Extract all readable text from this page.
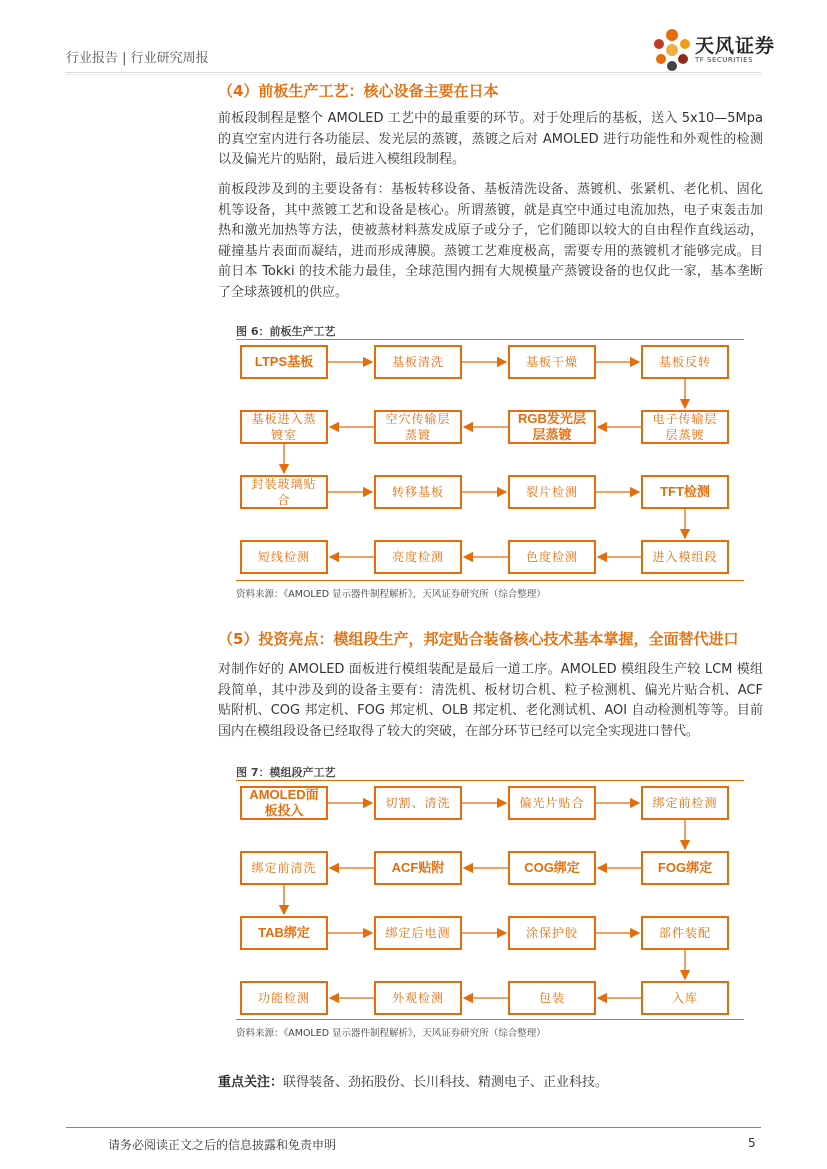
行业报告 | 行业研究周报
天风证券
TF SECURITIES
（4）前板生产工艺：核心设备主要在日本
前板段制程是整个 AMOLED 工艺中的最重要的环节。对于处理后的基板，送入 5x10—5Mpa 的真空室内进行各功能层、发光层的蒸镀，蒸镀之后对 AMOLED 进行功能性和外观性的检测以及偏光片的贴附，最后进入模组段制程。
前板段涉及到的主要设备有：基板转移设备、基板清洗设备、蒸镀机、张紧机、老化机、固化机等设备，其中蒸镀工艺和设备是核心。所谓蒸镀，就是真空中通过电流加热，电子束轰击加热和激光加热等方法，使被蒸材料蒸发成原子或分子，它们随即以较大的自由程作直线运动，碰撞基片表面而凝结，进而形成薄膜。蒸镀工艺难度极高，需要专用的蒸镀机才能够完成。目前日本 Tokki 的技术能力最佳，全球范围内拥有大规模量产蒸镀设备的也仅此一家，基本垄断了全球蒸镀机的供应。
图 6：前板生产工艺
LTPS基板	基板清洗	基板干燥	基板反转
电子传输层层蒸镀
RGB发光层层蒸镀
空穴传输层蒸镀
基板进入蒸镀室
封装玻璃贴合
转移基板	裂片检测	TFT检测
进入模组段
色度检测
亮度检测
短线检测
资料来源：《AMOLED 显示器件制程解析》，天风证券研究所（综合整理）
（5）投资亮点：模组段生产，邦定贴合装备核心技术基本掌握，全面替代进口
对制作好的 AMOLED 面板进行模组装配是最后一道工序。AMOLED 模组段生产较 LCM 模组段简单，其中涉及到的设备主要有：清洗机、板材切合机、粒子检测机、偏光片贴合机、ACF 贴附机、COG 邦定机、FOG 邦定机、OLB 邦定机、老化测试机、AOI 自动检测机等等。目前国内在模组段设备已经取得了较大的突破，在部分环节已经可以完全实现进口替代。
图 7：模组段产工艺
AMOLED面板投入	切割、清洗	偏光片贴合	绑定前检测
FOG绑定
COG绑定
ACF贴附
绑定前清洗
TAB绑定	绑定后电测	涂保护胶	部件装配
入库
包装
外观检测
功能检测
资料来源：《AMOLED 显示器件制程解析》，天风证券研究所（综合整理）
重点关注：联得装备、劲拓股份、长川科技、精测电子、正业科技。
请务必阅读正文之后的信息披露和免责申明	5
